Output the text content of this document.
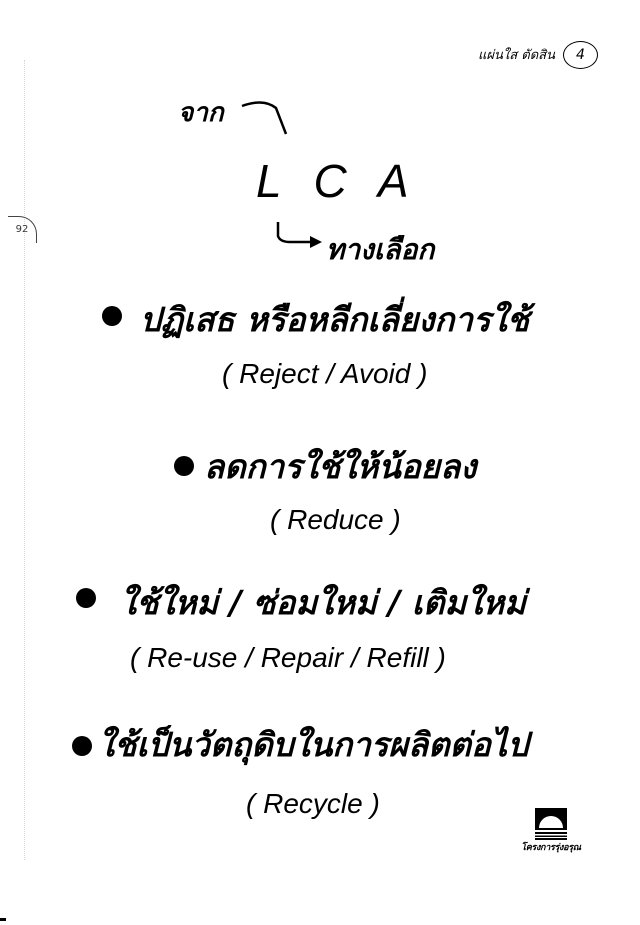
แผ่นใส ตัดสิน 4
92
จาก
L C A
ทางเลือก
ปฏิเสธ หรือหลีกเลี่ยงการใช้
( Reject / Avoid )
ลดการใช้ให้น้อยลง
( Reduce )
ใช้ใหม่ / ซ่อมใหม่ / เติมใหม่
( Re-use / Repair / Refill )
ใช้เป็นวัตถุดิบในการผลิตต่อไป
( Recycle )
โครงการรุ่งอรุณ
